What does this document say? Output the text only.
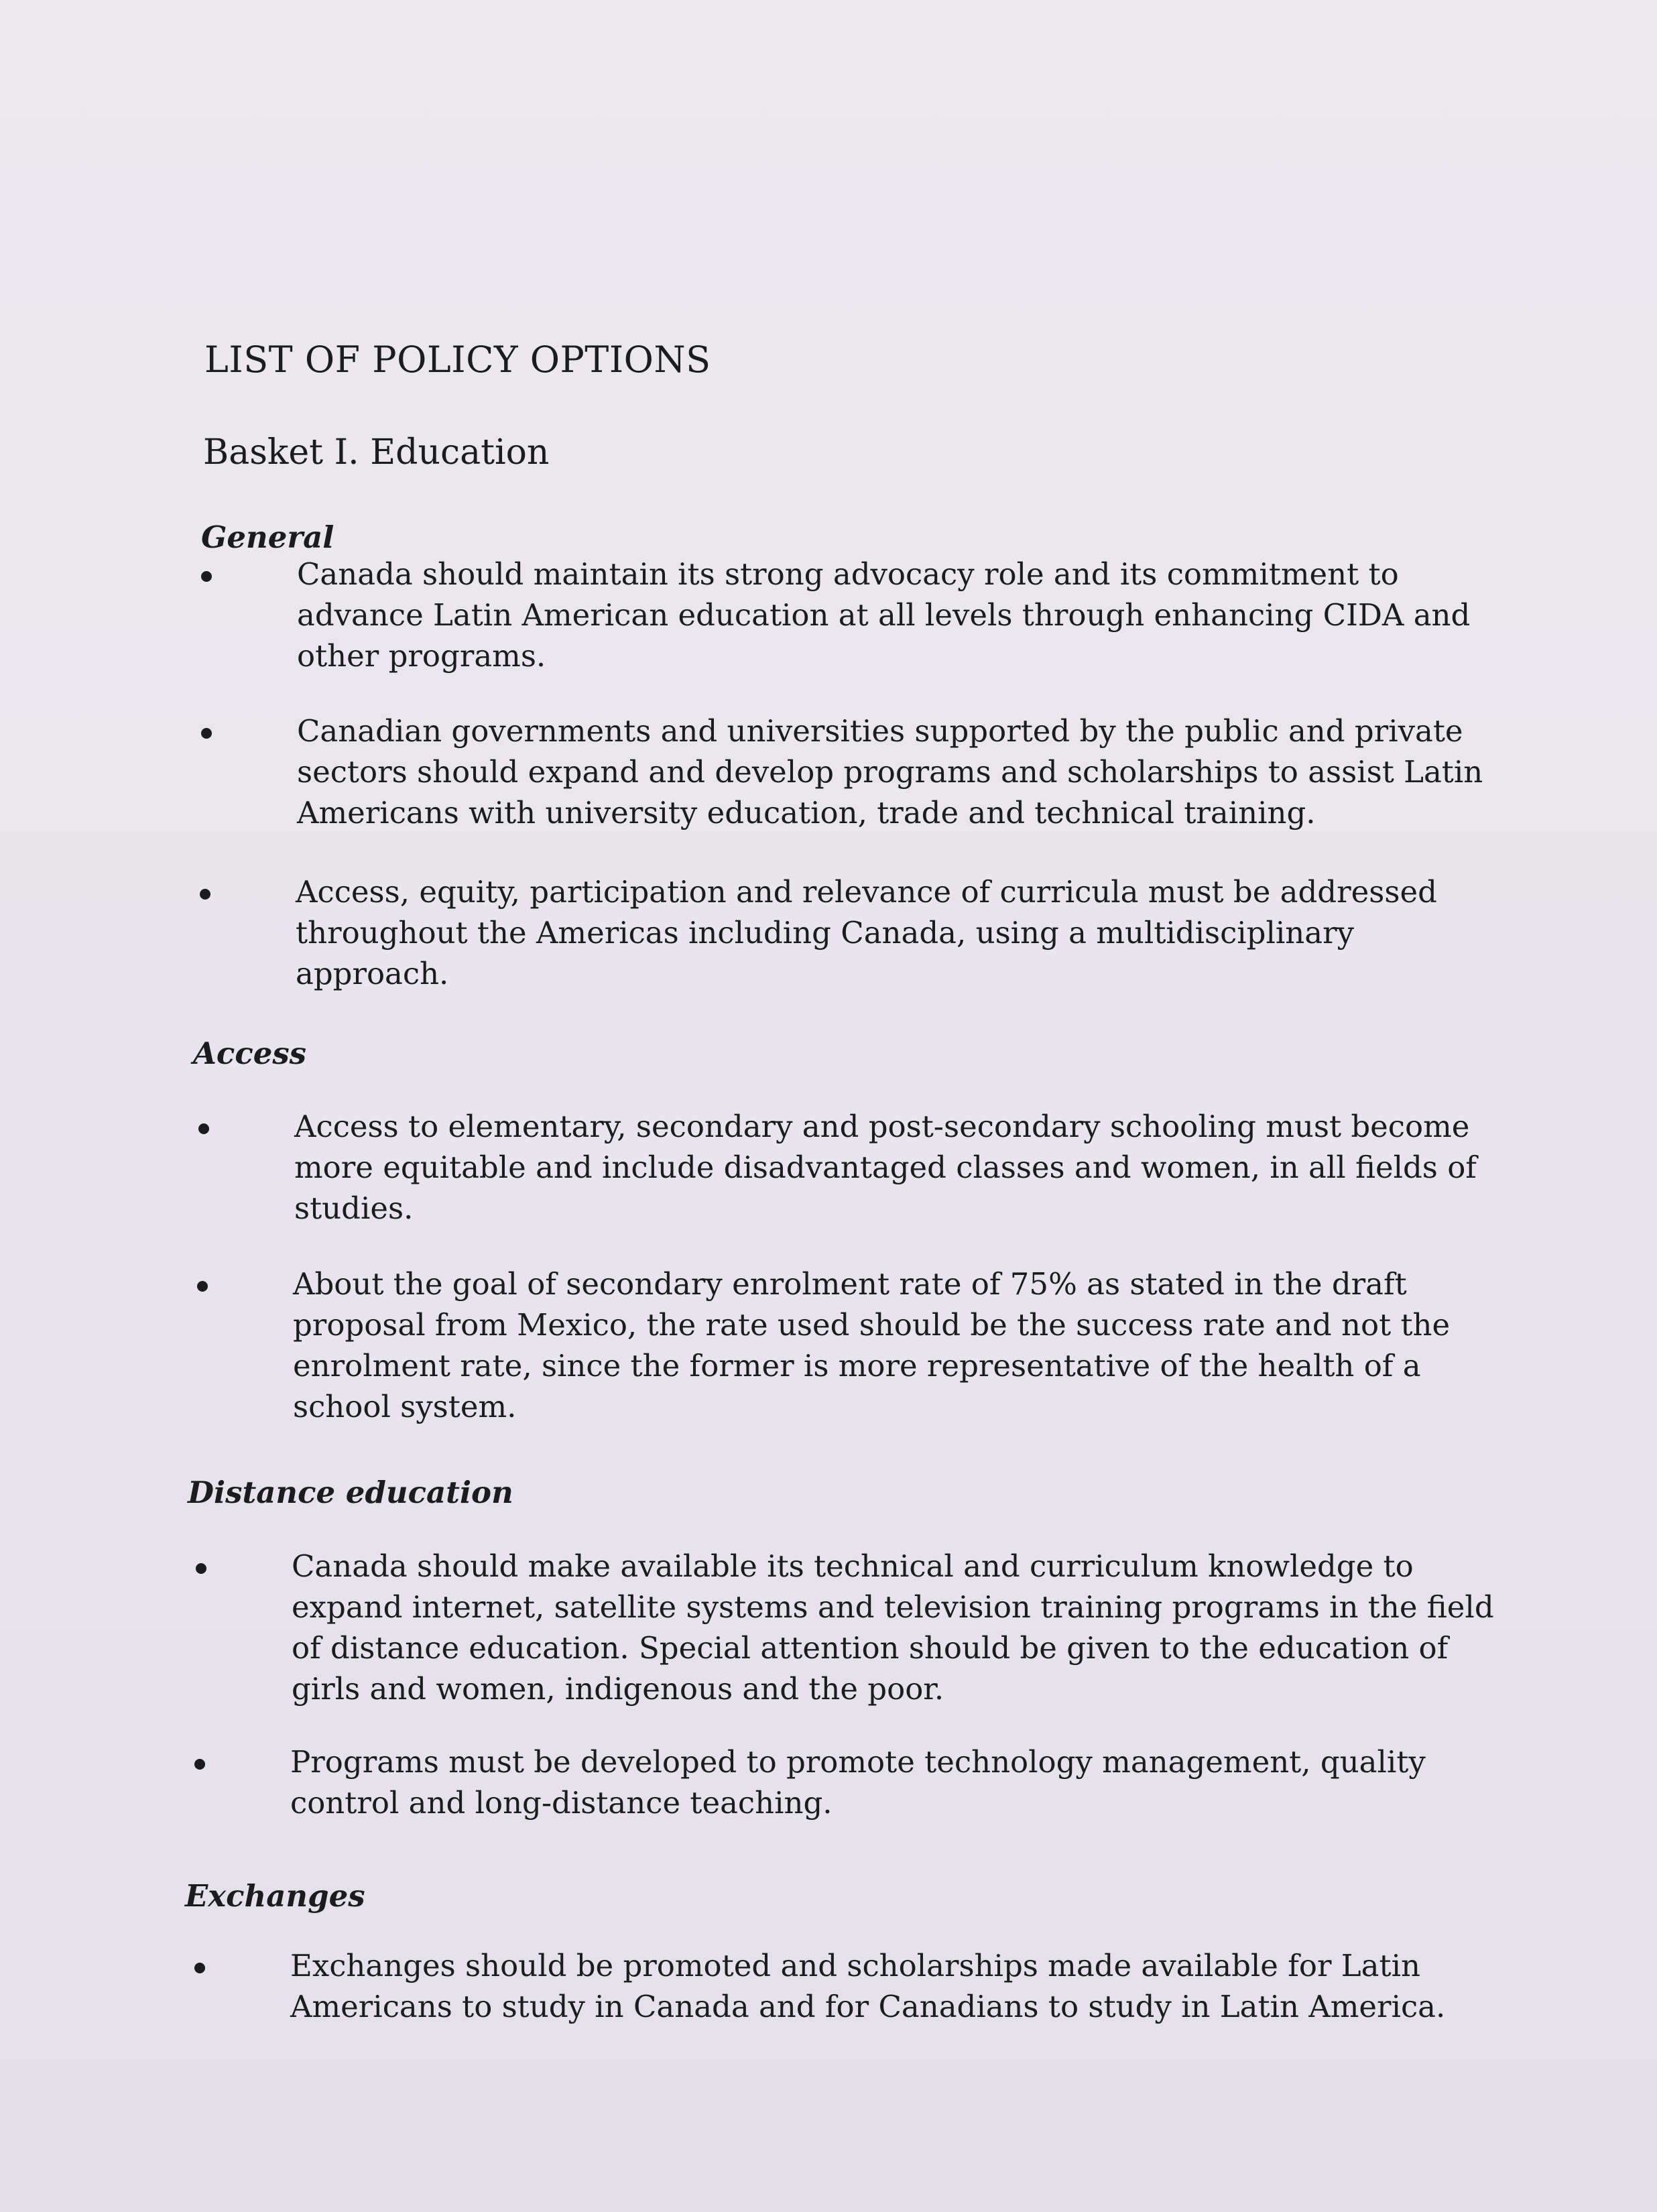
LIST OF POLICY OPTIONS
Basket I. Education
General
Canada should maintain its strong advocacy role and its commitment to advance Latin American education at all levels through enhancing CIDA and other programs.
Canadian governments and universities supported by the public and private sectors should expand and develop programs and scholarships to assist Latin Americans with university education, trade and technical training.
Access, equity, participation and relevance of curricula must be addressed throughout the Americas including Canada, using a multidisciplinary approach.
Access
Access to elementary, secondary and post-secondary schooling must become more equitable and include disadvantaged classes and women, in all fields of studies.
About the goal of secondary enrolment rate of 75% as stated in the draft proposal from Mexico, the rate used should be the success rate and not the enrolment rate, since the former is more representative of the health of a school system.
Distance education
Canada should make available its technical and curriculum knowledge to expand internet, satellite systems and television training programs in the field of distance education. Special attention should be given to the education of girls and women, indigenous and the poor.
Programs must be developed to promote technology management, quality control and long-distance teaching.
Exchanges
Exchanges should be promoted and scholarships made available for Latin Americans to study in Canada and for Canadians to study in Latin America.
